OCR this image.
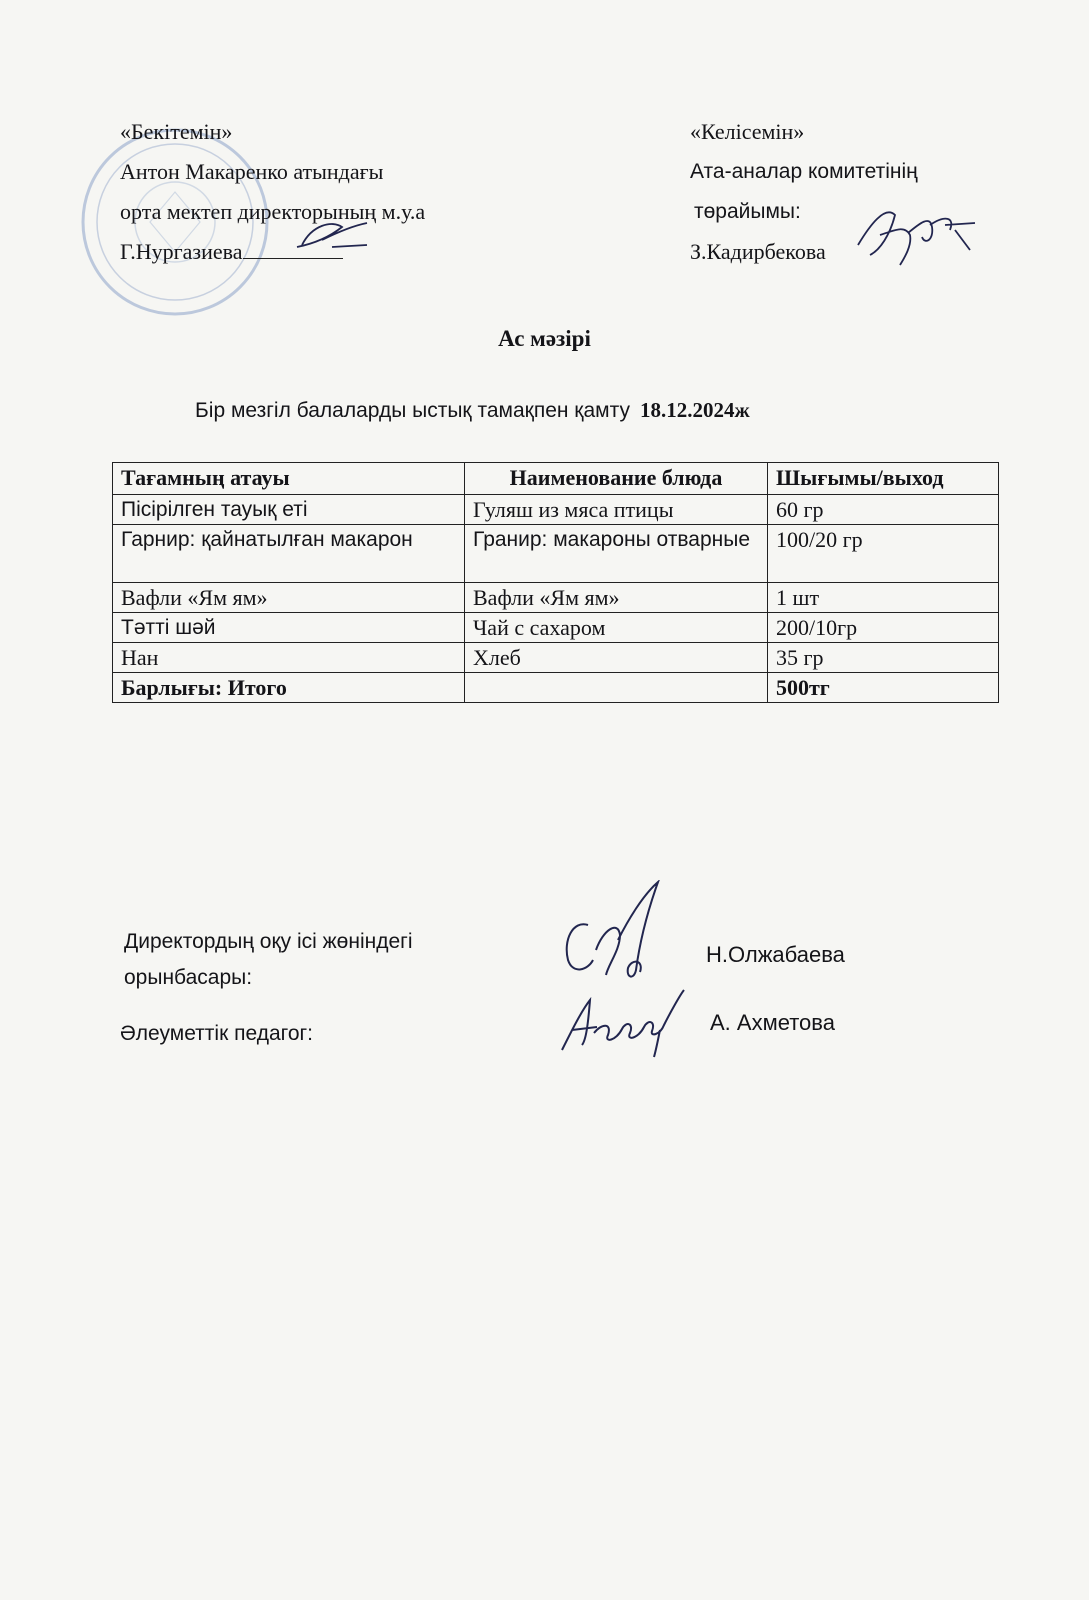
«Бекітемін»
Антон Макаренко атындағы
орта мектеп директорының м.у.а
Г.Нургазиева
«Келісемін»
Ата-аналар комитетінің
төрайымы:
З.Кадирбекова
Ас мәзірі
Бір мезгіл балаларды ыстық тамақпен қамту 18.12.2024ж
Тағамның атауы	Наименование блюда	Шығымы/выход
Пісірілген тауық еті	Гуляш из мяса птицы	60 гр
Гарнир: қайнатылған макарон	Гранир: макароны отварные	100/20 гр
Вафли «Ям ям»	Вафли «Ям ям»	1 шт
Тәтті шәй	Чай с сахаром	200/10гр
Нан	Хлеб	35 гр
Барлығы: Итого		500тг
Директордың оқу ісі жөніндегі
орынбасары:
Н.Олжабаева
Әлеуметтік педагог:	А. Ахметова
